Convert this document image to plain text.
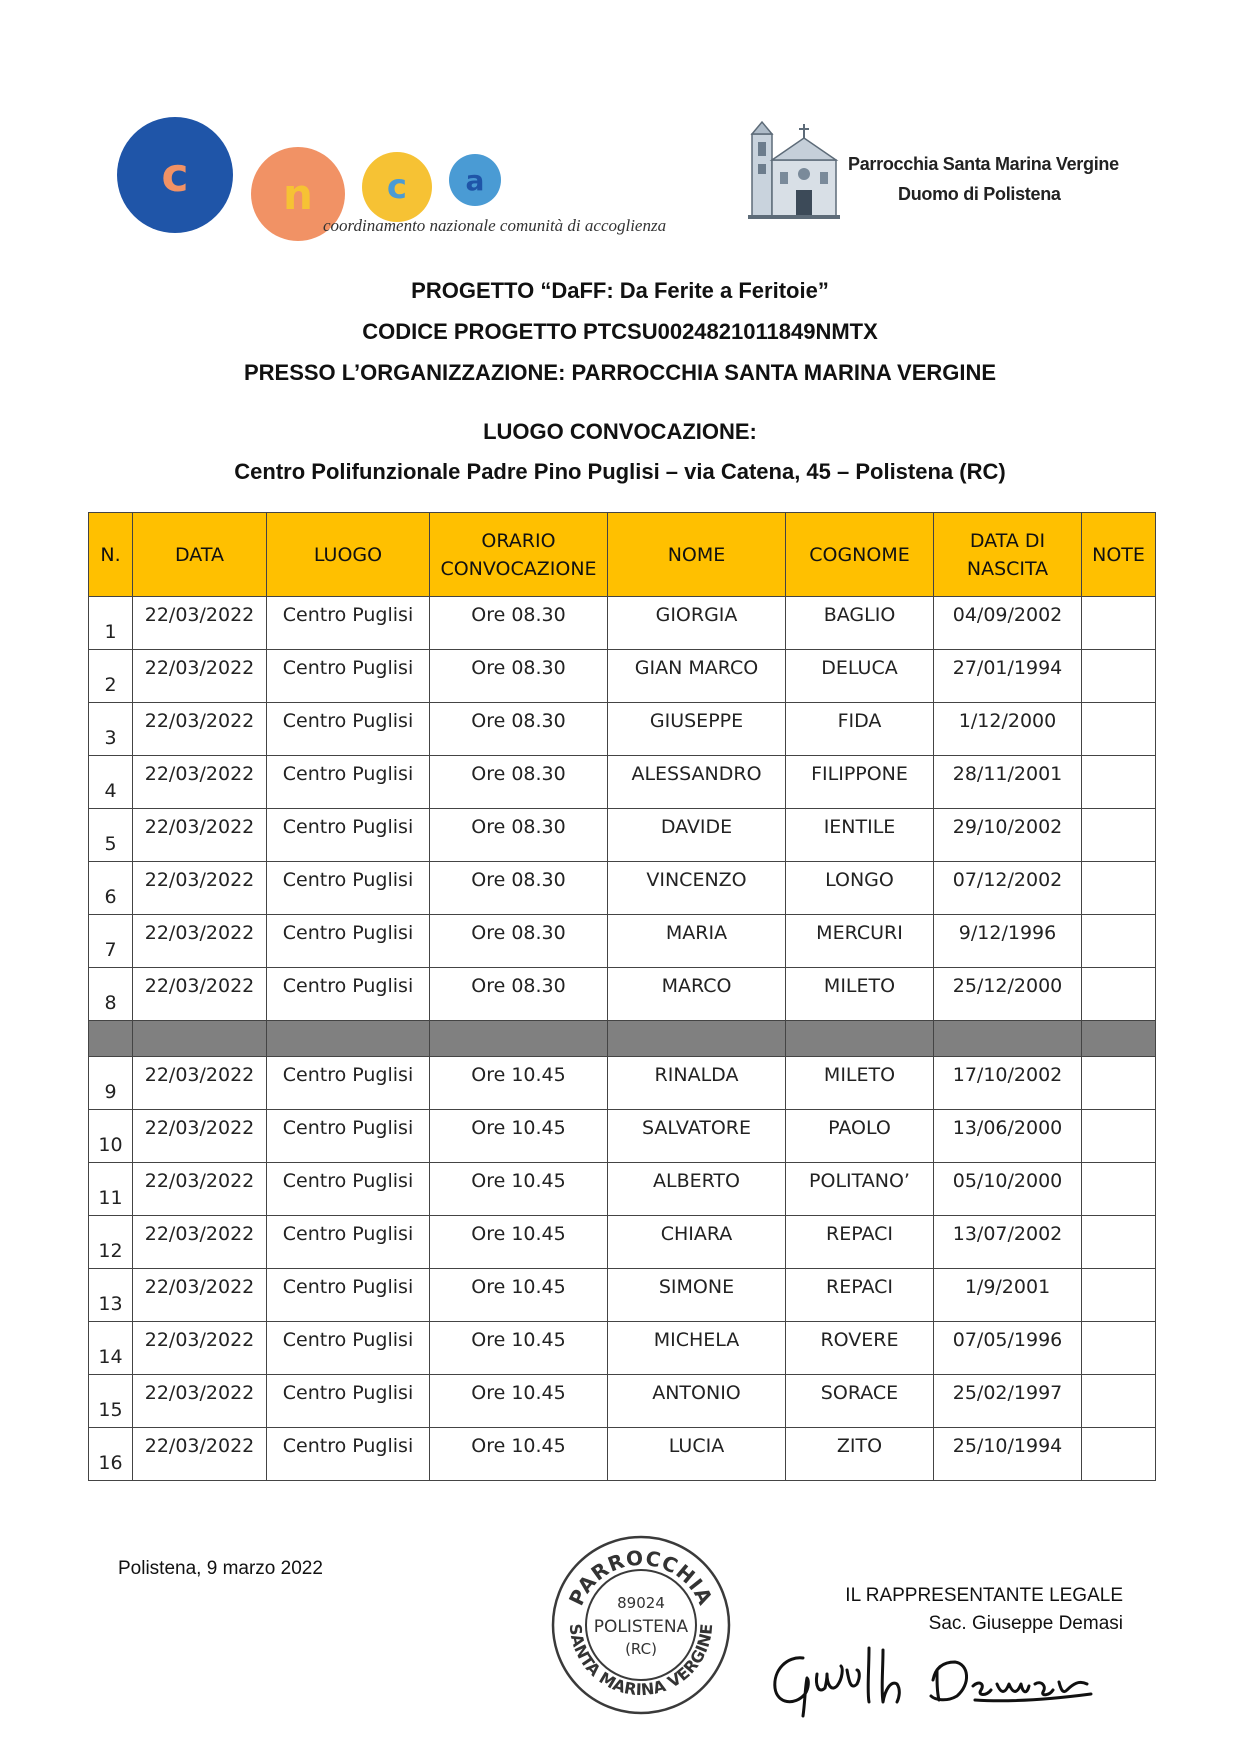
c n c a
coordinamento nazionale comunità di accoglienza
Parrocchia Santa Marina Vergine
Duomo di Polistena
PROGETTO “DaFF: Da Ferite a Feritoie”
CODICE PROGETTO PTCSU0024821011849NMTX
PRESSO L’ORGANIZZAZIONE: PARROCCHIA SANTA MARINA VERGINE
LUOGO CONVOCAZIONE:
Centro Polifunzionale Padre Pino Puglisi – via Catena, 45 – Polistena (RC)
N.	DATA	LUOGO	ORARIO CONVOCAZIONE	NOME	COGNOME	DATA DI NASCITA	NOTE
1	22/03/2022	Centro Puglisi	Ore 08.30	GIORGIA	BAGLIO	04/09/2002	
2	22/03/2022	Centro Puglisi	Ore 08.30	GIAN MARCO	DELUCA	27/01/1994	
3	22/03/2022	Centro Puglisi	Ore 08.30	GIUSEPPE	FIDA	1/12/2000	
4	22/03/2022	Centro Puglisi	Ore 08.30	ALESSANDRO	FILIPPONE	28/11/2001	
5	22/03/2022	Centro Puglisi	Ore 08.30	DAVIDE	IENTILE	29/10/2002	
6	22/03/2022	Centro Puglisi	Ore 08.30	VINCENZO	LONGO	07/12/2002	
7	22/03/2022	Centro Puglisi	Ore 08.30	MARIA	MERCURI	9/12/1996	
8	22/03/2022	Centro Puglisi	Ore 08.30	MARCO	MILETO	25/12/2000	

9	22/03/2022	Centro Puglisi	Ore 10.45	RINALDA	MILETO	17/10/2002	
10	22/03/2022	Centro Puglisi	Ore 10.45	SALVATORE	PAOLO	13/06/2000	
11	22/03/2022	Centro Puglisi	Ore 10.45	ALBERTO	POLITANO’	05/10/2000	
12	22/03/2022	Centro Puglisi	Ore 10.45	CHIARA	REPACI	13/07/2002	
13	22/03/2022	Centro Puglisi	Ore 10.45	SIMONE	REPACI	1/9/2001	
14	22/03/2022	Centro Puglisi	Ore 10.45	MICHELA	ROVERE	07/05/1996	
15	22/03/2022	Centro Puglisi	Ore 10.45	ANTONIO	SORACE	25/02/1997	
16	22/03/2022	Centro Puglisi	Ore 10.45	LUCIA	ZITO	25/10/1994	
Polistena, 9 marzo 2022
IL RAPPRESENTANTE LEGALE
Sac. Giuseppe Demasi
PARROCCHIA
SANTA MARINA VERGINE
89024
POLISTENA
(RC)
